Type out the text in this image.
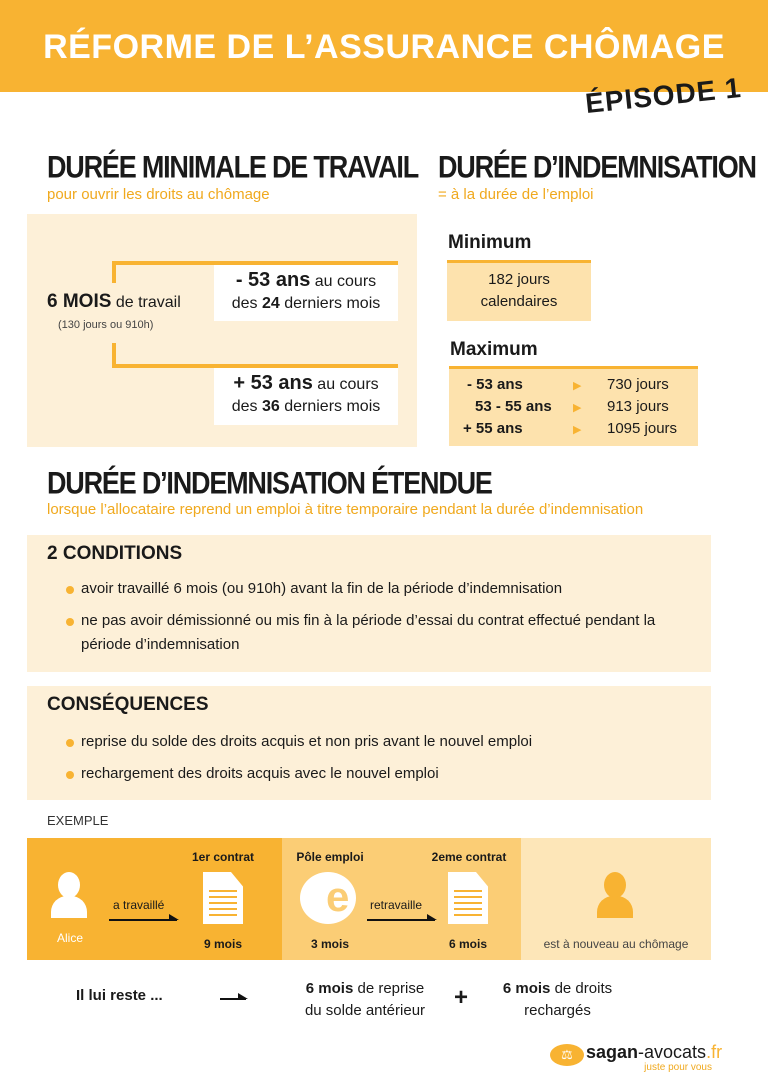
RÉFORME DE L’ASSURANCE CHÔMAGE
ÉPISODE 1
DURÉE MINIMALE DE TRAVAIL
pour ouvrir les droits au chômage
DURÉE D’INDEMNISATION
= à la durée de l’emploi
- 53 ans au cours
des 24 derniers mois
+ 53 ans au cours
des 36 derniers mois
6 MOIS de travail
(130 jours ou 910h)
Minimum
182 jours
calendaires
Maximum
- 53 ans	▶ 730 jours
53 - 55 ans ▶ 913 jours
+ 55 ans	▶ 1095 jours
DURÉE D’INDEMNISATION ÉTENDUE
lorsque l’allocataire reprend un emploi à titre temporaire pendant la durée d’indemnisation
2 CONDITIONS
avoir travaillé 6 mois (ou 910h) avant la fin de la période d’indemnisation
ne pas avoir démissionné ou mis fin à la période d’essai du contrat effectué pendant la période d’indemnisation
CONSÉQUENCES
reprise du solde des droits acquis et non pris avant le nouvel emploi
rechargement des droits acquis avec le nouvel emploi
EXEMPLE
Alice
a travaillé
1er contrat
9 mois
Pôle emploi
e
3 mois
retravaille
2eme contrat
6 mois	est à nouveau au chômage
Il lui reste ...	6 mois de reprise
du solde antérieur	+	6 mois de droits
rechargés
⚖ sagan-avocats.fr
juste pour vous
